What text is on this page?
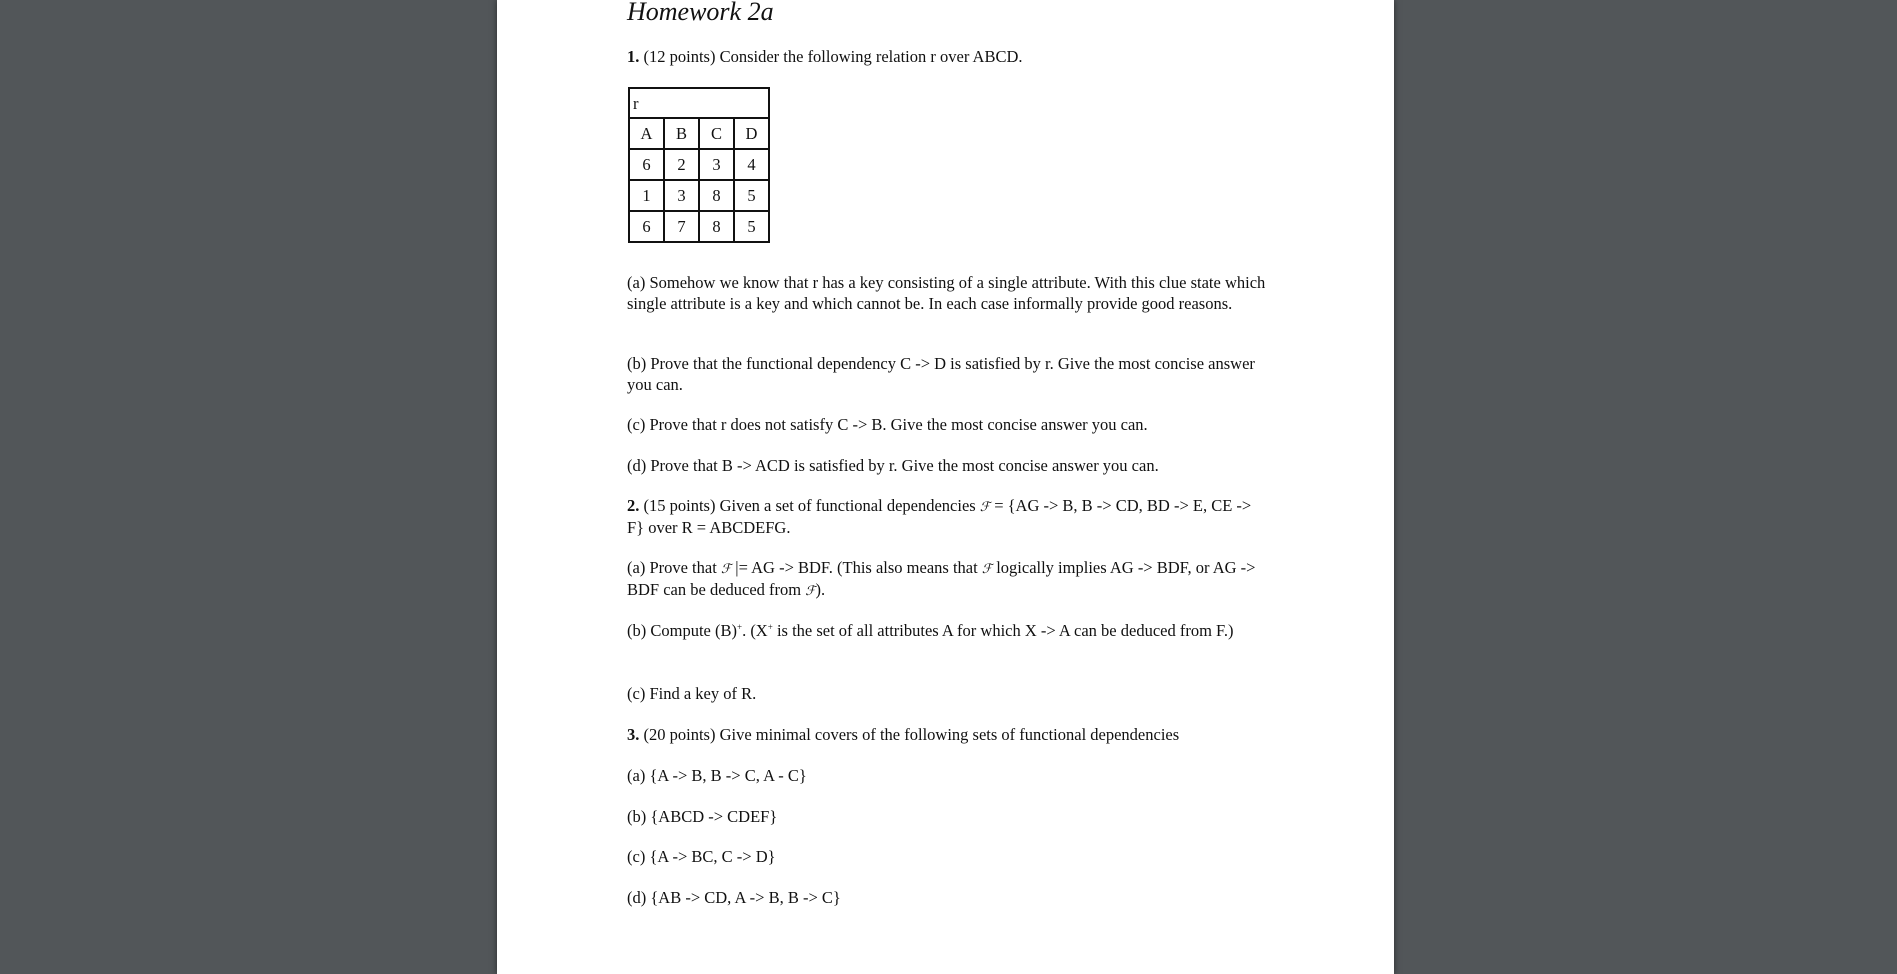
Homework 2a

1. (12 points) Consider the following relation r over ABCD.

r			
A	B	C	D
6	2	3	4
1	3	8	5
6	7	8	5

(a) Somehow we know that r has a key consisting of a single attribute. With this clue state which single attribute is a key and which cannot be. In each case informally provide good reasons.

(b) Prove that the functional dependency C -> D is satisfied by r. Give the most concise answer you can.

(c) Prove that r does not satisfy C -> B. Give the most concise answer you can.

(d) Prove that B -> ACD is satisfied by r. Give the most concise answer you can.

2. (15 points) Given a set of functional dependencies ℱ = {AG -> B, B -> CD, BD -> E, CE -> F} over R = ABCDEFG.

(a) Prove that ℱ |= AG -> BDF. (This also means that ℱ logically implies AG -> BDF, or AG -> BDF can be deduced from ℱ).

(b) Compute (B)+. (X+ is the set of all attributes A for which X -> A can be deduced from F.)

(c) Find a key of R.

3. (20 points) Give minimal covers of the following sets of functional dependencies

(a) {A -> B, B -> C, A - C}

(b) {ABCD -> CDEF}

(c) {A -> BC, C -> D}

(d) {AB -> CD, A -> B, B -> C}
